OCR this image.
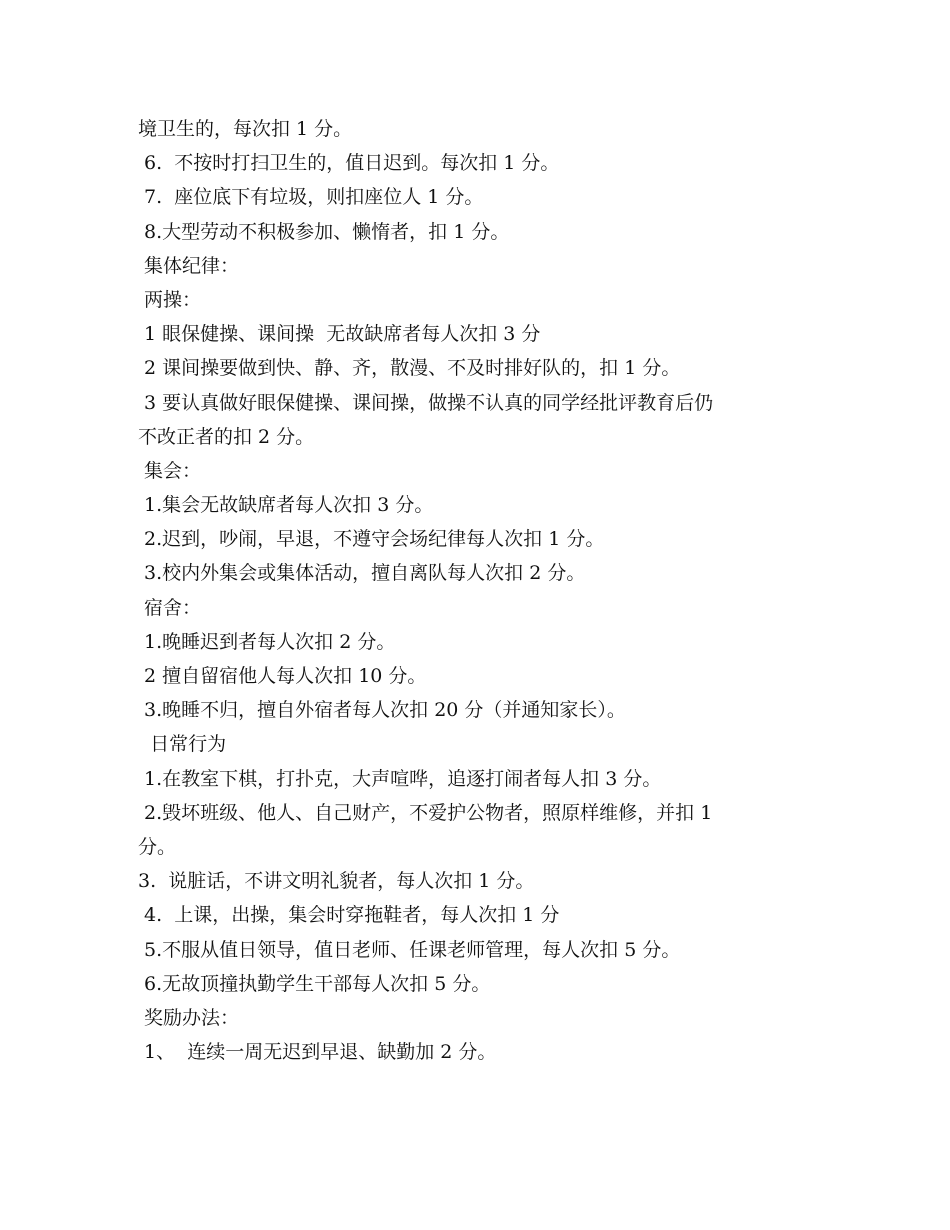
境卫生的，每次扣 1 分。
6.  不按时打扫卫生的，值日迟到。每次扣 1 分。
7.  座位底下有垃圾，则扣座位人 1 分。
8.大型劳动不积极参加、懒惰者，扣 1 分。
集体纪律：
两操：
1 眼保健操、课间操  无故缺席者每人次扣 3 分
2 课间操要做到快、静、齐，散漫、不及时排好队的，扣 1 分。
3 要认真做好眼保健操、课间操，做操不认真的同学经批评教育后仍
不改正者的扣 2 分。
集会：
1.集会无故缺席者每人次扣 3 分。
2.迟到，吵闹，早退，不遵守会场纪律每人次扣 1 分。
3.校内外集会或集体活动，擅自离队每人次扣 2 分。
宿舍：
1.晚睡迟到者每人次扣 2 分。
2 擅自留宿他人每人次扣 10 分。
3.晚睡不归，擅自外宿者每人次扣 20 分（并通知家长）。
日常行为
1.在教室下棋，打扑克，大声喧哗，追逐打闹者每人扣 3 分。
2.毁坏班级、他人、自己财产，不爱护公物者，照原样维修，并扣 1
分。
3.  说脏话，不讲文明礼貌者，每人次扣 1 分。
4.  上课，出操，集会时穿拖鞋者，每人次扣 1 分
5.不服从值日领导，值日老师、任课老师管理，每人次扣 5 分。
6.无故顶撞执勤学生干部每人次扣 5 分。
奖励办法：
1、  连续一周无迟到早退、缺勤加 2 分。
